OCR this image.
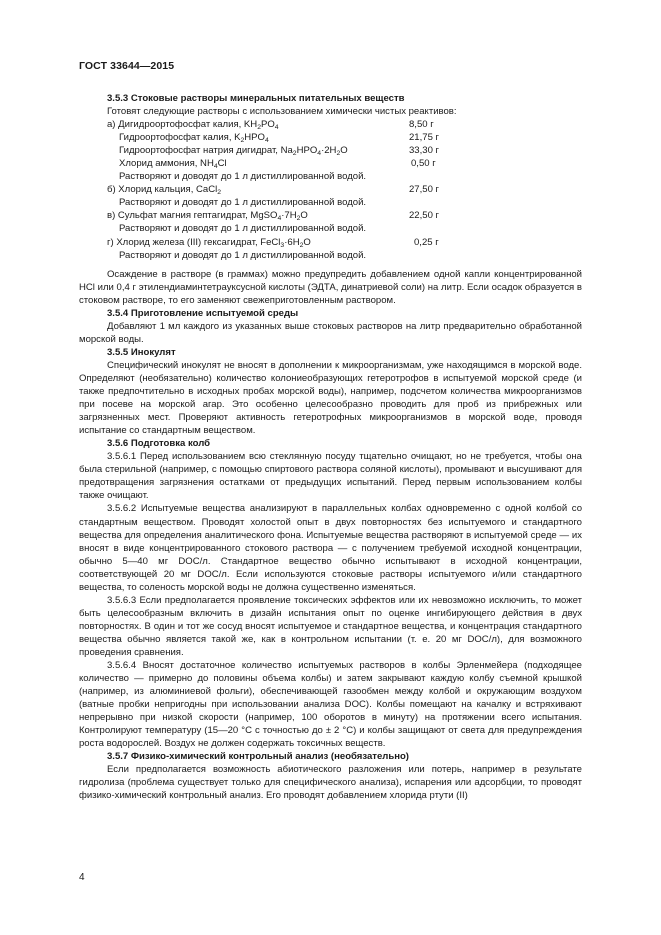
ГОСТ 33644—2015

3.5.3 Стоковые растворы минеральных питательных веществ

Готовят следующие растворы с использованием химически чистых реактивов:

а) Дигидроортофосфат калия, $KH_2PO_4$	8,50 г
Гидроортофосфат калия, $K_2HPO_4$	21,75 г
Гидроортофосфат натрия дигидрат, $Na_2HPO_4\cdot 2H_2O$	33,30 г
Хлорид аммония, $NH_4Cl$	0,50 г
Растворяют и доводят до 1 л дистиллированной водой.
б) Хлорид кальция, CaCl$_2$	27,50 г
Растворяют и доводят до 1 л дистиллированной водой.
в) Сульфат магния гептагидрат, $MgSO_4\cdot 7H_2O$	22,50 г
Растворяют и доводят до 1 л дистиллированной водой.
г) Хлорид железа (III) гексагидрат, $FeCl_3\cdot 6H_2O$	0,25 г
Растворяют и доводят до 1 л дистиллированной водой.

Осаждение в растворе (в граммах) можно предупредить добавлением одной капли концентрированной HCl или 0,4 г этилендиаминтетрауксусной кислоты (ЭДТА, динатриевой соли) на литр. Если осадок образуется в стоковом растворе, то его заменяют свежеприготовленным раствором.

3.5.4 Приготовление испытуемой среды

Добавляют 1 мл каждого из указанных выше стоковых растворов на литр предварительно обработанной морской воды.

3.5.5 Инокулят

Специфический инокулят не вносят в дополнении к микроорганизмам, уже находящимся в морской воде. Определяют (необязательно) количество колониеобразующих гетеротрофов в испытуемой морской среде (и также предпочтительно в исходных пробах морской воды), например, подсчетом количества микроорганизмов при посеве на морской агар. Это особенно целесообразно проводить для проб из прибрежных или загрязненных мест. Проверяют активность гетеротрофных микроорганизмов в морской воде, проводя испытание со стандартным веществом.

3.5.6 Подготовка колб

3.5.6.1 Перед использованием всю стеклянную посуду тщательно очищают, но не требуется, чтобы она была стерильной (например, с помощью спиртового раствора соляной кислоты), промывают и высушивают для предотвращения загрязнения остатками от предыдущих испытаний. Перед первым использованием колбы также очищают.

3.5.6.2 Испытуемые вещества анализируют в параллельных колбах одновременно с одной колбой со стандартным веществом. Проводят холостой опыт в двух повторностях без испытуемого и стандартного вещества для определения аналитического фона. Испытуемые вещества растворяют в испытуемой среде — их вносят в виде концентрированного стокового раствора — с получением требуемой исходной концентрации, обычно 5—40 мг DOC/л. Стандартное вещество обычно испытывают в исходной концентрации, соответствующей 20 мг DOC/л. Если используются стоковые растворы испытуемого и/или стандартного вещества, то соленость морской воды не должна существенно изменяться.

3.5.6.3 Если предполагается проявление токсических эффектов или их невозможно исключить, то может быть целесообразным включить в дизайн испытания опыт по оценке ингибирующего действия в двух повторностях. В один и тот же сосуд вносят испытуемое и стандартное вещества, и концентрация стандартного вещества обычно является такой же, как в контрольном испытании (т. е. 20 мг DOC/л), для возможного проведения сравнения.

3.5.6.4 Вносят достаточное количество испытуемых растворов в колбы Эрленмейера (подходящее количество — примерно до половины объема колбы) и затем закрывают каждую колбу съемной крышкой (например, из алюминиевой фольги), обеспечивающей газообмен между колбой и окружающим воздухом (ватные пробки непригодны при использовании анализа DOC). Колбы помещают на качалку и встряхивают непрерывно при низкой скорости (например, 100 оборотов в минуту) на протяжении всего испытания. Контролируют температуру (15—20 °С с точностью до ± 2 °С) и колбы защищают от света для предупреждения роста водорослей. Воздух не должен содержать токсичных веществ.

3.5.7 Физико-химический контрольный анализ (необязательно)

Если предполагается возможность абиотического разложения или потерь, например в результате гидролиза (проблема существует только для специфического анализа), испарения или адсорбции, то проводят физико-химический контрольный анализ. Его проводят добавлением хлорида ртути (II)

4
